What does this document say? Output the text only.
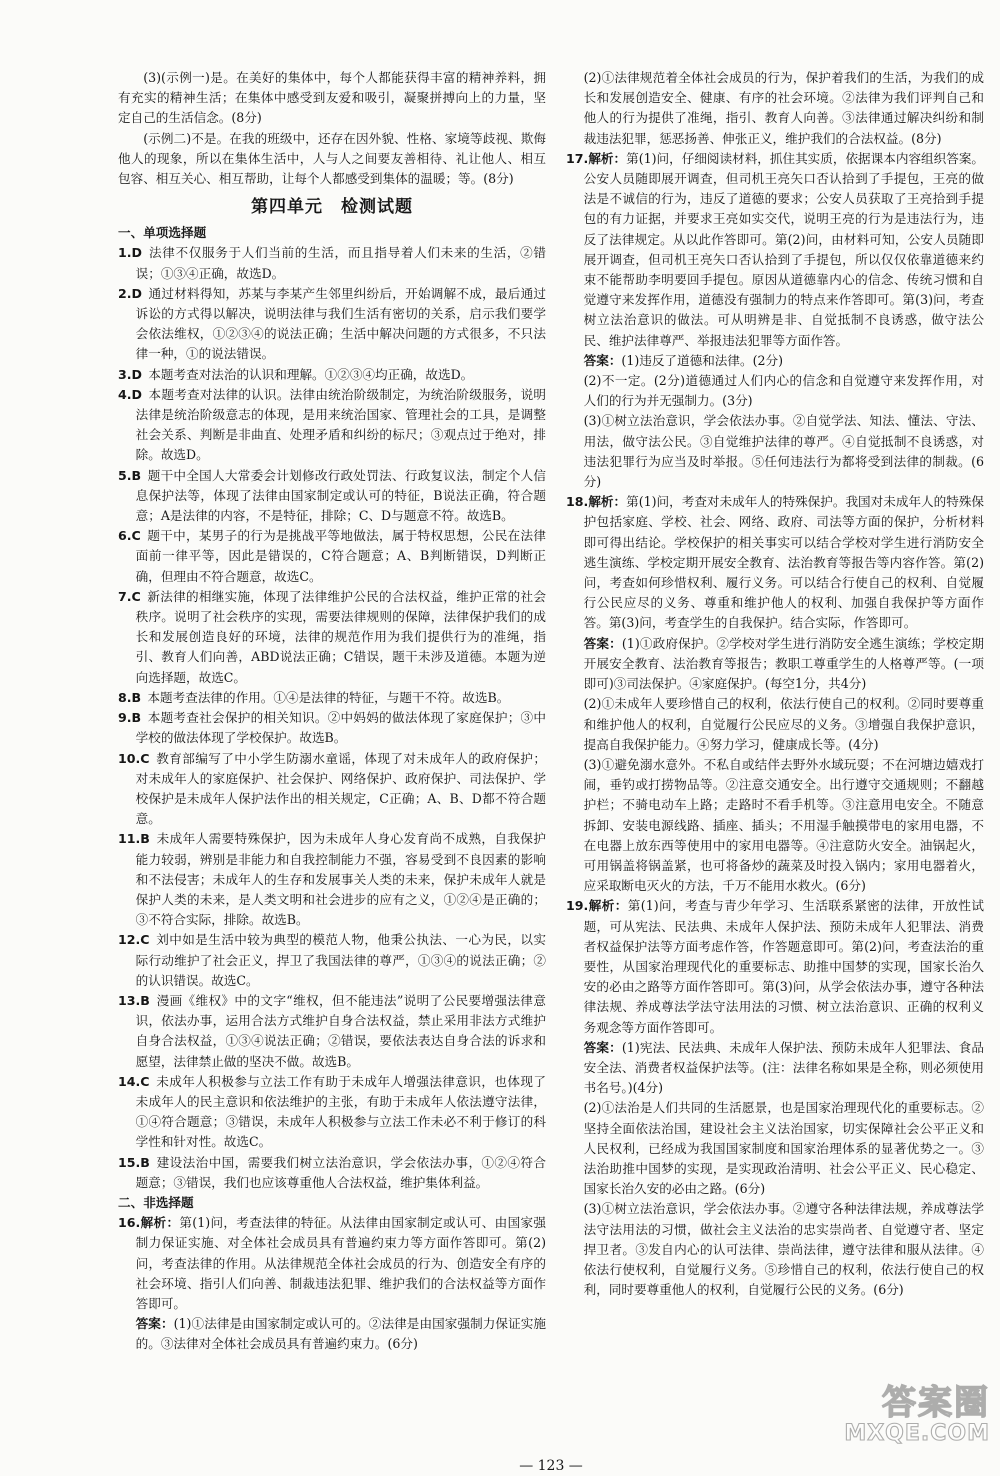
(3)(示例一)是。在美好的集体中，每个人都能获得丰富的精神养料，拥有充实的精神生活；在集体中感受到友爱和吸引，凝聚拼搏向上的力量，坚定自己的生活信念。(8分)

(示例二)不是。在我的班级中，还存在因外貌、性格、家境等歧视、欺侮他人的现象，所以在集体生活中，人与人之间要友善相待、礼让他人、相互包容、相互关心、相互帮助，让每个人都感受到集体的温暖；等。(8分)

第四单元　检测试题
一、单项选择题

1.D  法律不仅服务于人们当前的生活，而且指导着人们未来的生活，②错误；①③④正确，故选D。

2.D  通过材料得知，苏某与李某产生邻里纠纷后，开始调解不成，最后通过诉讼的方式得以解决，说明法律与我们生活有密切的关系，启示我们要学会依法维权，①②③④的说法正确；生活中解决问题的方式很多，不只法律一种，①的说法错误。

3.D  本题考查对法治的认识和理解。①②③④均正确，故选D。

4.D  本题考查对法律的认识。法律由统治阶级制定，为统治阶级服务，说明法律是统治阶级意志的体现，是用来统治国家、管理社会的工具，是调整社会关系、判断是非曲直、处理矛盾和纠纷的标尺；③观点过于绝对，排除。故选D。

5.B  题干中全国人大常委会计划修改行政处罚法、行政复议法，制定个人信息保护法等，体现了法律由国家制定或认可的特征，B说法正确，符合题意；A是法律的内容，不是特征，排除；C、D与题意不符。故选B。

6.C  题干中，某男子的行为是挑战平等地做法，属于特权思想，公民在法律面前一律平等，因此是错误的，C符合题意；A、B判断错误，D判断正确，但理由不符合题意，故选C。

7.C  新法律的相继实施，体现了法律维护公民的合法权益，维护正常的社会秩序。说明了社会秩序的实现，需要法律规则的保障，法律保护我们的成长和发展创造良好的环境，法律的规范作用为我们提供行为的准绳，指引、教育人们向善，ABD说法正确；C错误，题干未涉及道德。本题为逆向选择题，故选C。

8.B  本题考查法律的作用。①④是法律的特征，与题干不符。故选B。

9.B  本题考查社会保护的相关知识。②中妈妈的做法体现了家庭保护；③中学校的做法体现了学校保护。故选B。

10.C  教育部编写了中小学生防溺水童谣，体现了对未成年人的政府保护；对未成年人的家庭保护、社会保护、网络保护、政府保护、司法保护、学校保护是未成年人保护法作出的相关规定，C正确；A、B、D都不符合题意。

11.B  未成年人需要特殊保护，因为未成年人身心发育尚不成熟，自我保护能力较弱，辨别是非能力和自我控制能力不强，容易受到不良因素的影响和不法侵害；未成年人的生存和发展事关人类的未来，保护未成年人就是保护人类的未来，是人类文明和社会进步的应有之义，①②④是正确的；③不符合实际，排除。故选B。

12.C  刘中如是生活中较为典型的模范人物，他秉公执法、一心为民，以实际行动维护了社会正义，捍卫了我国法律的尊严，①③④的说法正确；②的认识错误。故选C。

13.B  漫画《维权》中的文字“维权，但不能违法”说明了公民要增强法律意识，依法办事，运用合法方式维护自身合法权益，禁止采用非法方式维护自身合法权益，①③④说法正确；②错误，要依法表达自身合法的诉求和愿望，法律禁止做的坚决不做。故选B。

14.C  未成年人积极参与立法工作有助于未成年人增强法律意识，也体现了未成年人的民主意识和依法维护的主张，有助于未成年人依法遵守法律，①④符合题意；③错误，未成年人积极参与立法工作未必不利于修订的科学性和针对性。故选C。

15.B  建设法治中国，需要我们树立法治意识，学会依法办事，①②④符合题意；③错误，我们也应该尊重他人合法权益，维护集体利益。

二、非选择题

16.解析：第(1)问，考查法律的特征。从法律由国家制定或认可、由国家强制力保证实施、对全体社会成员具有普遍约束力等方面作答即可。第(2)问，考查法律的作用。从法律规范全体社会成员的行为、创造安全有序的社会环境、指引人们向善、制裁违法犯罪、维护我们的合法权益等方面作答即可。

答案：(1)①法律是由国家制定或认可的。②法律是由国家强制力保证实施的。③法律对全体社会成员具有普遍约束力。(6分)

(2)①法律规范着全体社会成员的行为，保护着我们的生活，为我们的成长和发展创造安全、健康、有序的社会环境。②法律为我们评判自己和他人的行为提供了准绳，指引、教育人向善。③法律通过解决纠纷和制裁违法犯罪，惩恶扬善、伸张正义，维护我们的合法权益。(8分)

17.解析：第(1)问，仔细阅读材料，抓住其实质，依据课本内容组织答案。公安人员随即展开调查，但司机王亮矢口否认拾到了手提包，王亮的做法是不诚信的行为，违反了道德的要求；公安人员获取了王亮拾到手提包的有力证据，并要求王亮如实交代，说明王亮的行为是违法行为，违反了法律规定。从以此作答即可。第(2)问，由材料可知，公安人员随即展开调查，但司机王亮矢口否认拾到了手提包，所以仅仅依靠道德来约束不能帮助李明要回手提包。原因从道德靠内心的信念、传统习惯和自觉遵守来发挥作用，道德没有强制力的特点来作答即可。第(3)问，考查树立法治意识的做法。可从明辨是非、自觉抵制不良诱惑，做守法公民、维护法律尊严、举报违法犯罪等方面作答。

答案：(1)违反了道德和法律。(2分)

(2)不一定。(2分)道德通过人们内心的信念和自觉遵守来发挥作用，对人们的行为并无强制力。(3分)

(3)①树立法治意识，学会依法办事。②自觉学法、知法、懂法、守法、用法，做守法公民。③自觉维护法律的尊严。④自觉抵制不良诱惑，对违法犯罪行为应当及时举报。⑤任何违法行为都将受到法律的制裁。(6分)

18.解析：第(1)问，考查对未成年人的特殊保护。我国对未成年人的特殊保护包括家庭、学校、社会、网络、政府、司法等方面的保护，分析材料即可得出结论。学校保护的相关事实可以结合学校对学生进行消防安全逃生演练、学校定期开展安全教育、法治教育等报告等内容作答。第(2)问，考查如何珍惜权利、履行义务。可以结合行使自己的权利、自觉履行公民应尽的义务、尊重和维护他人的权利、加强自我保护等方面作答。第(3)问，考查学生的自我保护。结合实际，作答即可。

答案：(1)①政府保护。②学校对学生进行消防安全逃生演练；学校定期开展安全教育、法治教育等报告；教职工尊重学生的人格尊严等。(一项即可)③司法保护。④家庭保护。(每空1分，共4分)

(2)①未成年人要珍惜自己的权利，依法行使自己的权利。②同时要尊重和维护他人的权利，自觉履行公民应尽的义务。③增强自我保护意识，提高自我保护能力。④努力学习，健康成长等。(4分)

(3)①避免溺水意外。不私自或结伴去野外水域玩耍；不在河塘边嬉戏打闹，垂钓或打捞物品等。②注意交通安全。出行遵守交通规则；不翻越护栏；不骑电动车上路；走路时不看手机等。③注意用电安全。不随意拆卸、安装电源线路、插座、插头；不用湿手触摸带电的家用电器，不在电器上放东西等使用中的家用电器等。④注意防火安全。油锅起火，可用锅盖将锅盖紧，也可将备炒的蔬菜及时投入锅内；家用电器着火，应采取断电灭火的方法，千万不能用水救火。(6分)

19.解析：第(1)问，考查与青少年学习、生活联系紧密的法律，开放性试题，可从宪法、民法典、未成年人保护法、预防未成年人犯罪法、消费者权益保护法等方面考虑作答，作答题意即可。第(2)问，考查法治的重要性，从国家治理现代化的重要标志、助推中国梦的实现，国家长治久安的必由之路等方面作答即可。第(3)问，从学会依法办事，遵守各种法律法规、养成尊法学法守法用法的习惯、树立法治意识、正确的权利义务观念等方面作答即可。

答案：(1)宪法、民法典、未成年人保护法、预防未成年人犯罪法、食品安全法、消费者权益保护法等。(注：法律名称如果是全称，则必须使用书名号。)(4分)

(2)①法治是人们共同的生活愿景，也是国家治理现代化的重要标志。②坚持全面依法治国，建设社会主义法治国家，切实保障社会公平正义和人民权利，已经成为我国国家制度和国家治理体系的显著优势之一。③法治助推中国梦的实现，是实现政治清明、社会公平正义、民心稳定、国家长治久安的必由之路。(6分)

(3)①树立法治意识，学会依法办事。②遵守各种法律法规，养成尊法学法守法用法的习惯，做社会主义法治的忠实崇尚者、自觉遵守者、坚定捍卫者。③发自内心的认可法律、崇尚法律，遵守法律和服从法律。④依法行使权利，自觉履行义务。⑤珍惜自己的权利，依法行使自己的权利，同时要尊重他人的权利，自觉履行公民的义务。(6分)

— 123 —
答案圈
MXQE.COM
